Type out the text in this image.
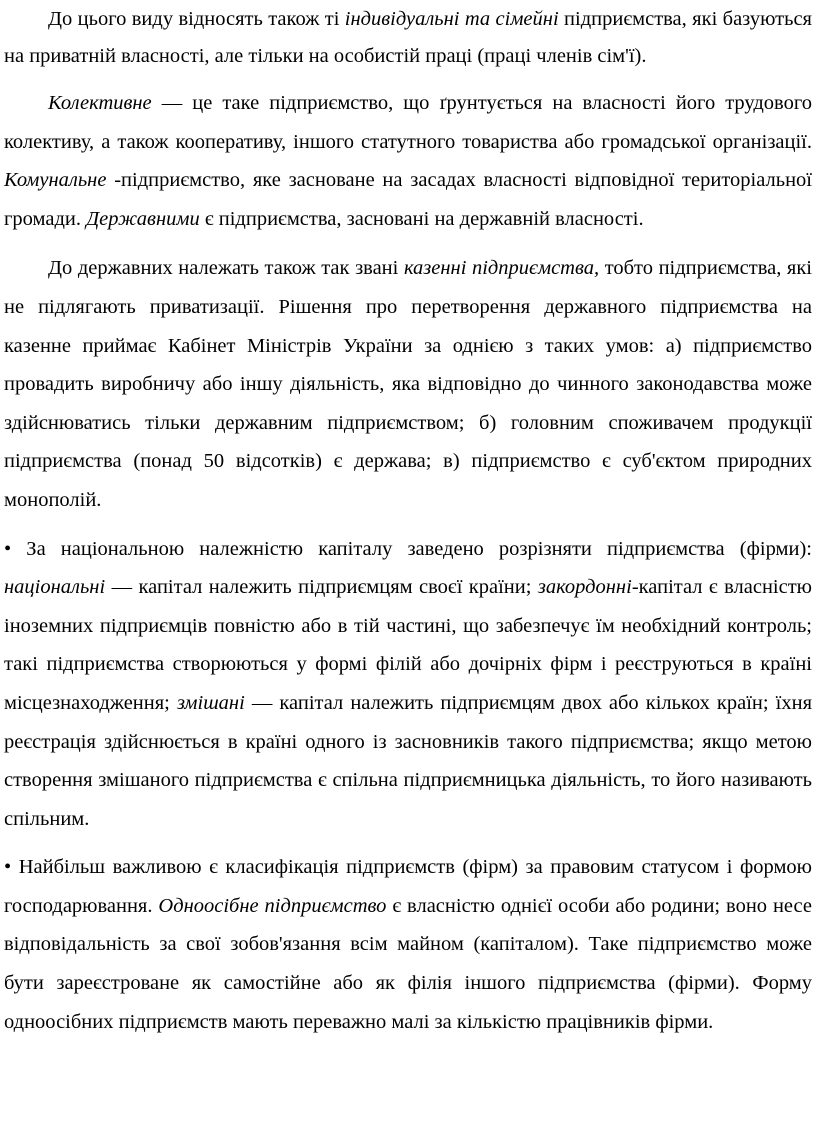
До цього виду відносять також ті індивідуальні та сімейні підприємства, які базуються на приватній власності, але тільки на особистій праці (праці членів сім'ї).

Колективне — це таке підприємство, що ґрунтується на власності його трудового колективу, а також кооперативу, іншого статутного товариства або громадської організації. Комунальне -підприємство, яке засноване на засадах власності відповідної територіальної громади. Державними є підприємства, засновані на державній власності.

До державних належать також так звані казенні підприємства, тобто підприємства, які не підлягають приватизації. Рішення про перетворення державного підприємства на казенне приймає Кабінет Міністрів України за однією з таких умов: а) підприємство провадить виробничу або іншу діяльність, яка відповідно до чинного законодавства може здійснюватись тільки державним підприємством; б) головним споживачем продукції підприємства (понад 50 відсотків) є держава; в) підприємство є суб'єктом природних монополій.

• За національною належністю капіталу заведено розрізняти підприємства (фірми): національні — капітал належить підприємцям своєї країни; закордонні-капітал є власністю іноземних підприємців повністю або в тій частині, що забезпечує їм необхідний контроль; такі підприємства створюються у формі філій або дочірніх фірм і реєструються в країні місцезнаходження; змішані — капітал належить підприємцям двох або кількох країн; їхня реєстрація здійснюється в країні одного із засновників такого підприємства; якщо метою створення змішаного підприємства є спільна підприємницька діяльність, то його називають спільним.

• Найбільш важливою є класифікація підприємств (фірм) за правовим статусом і формою господарювання. Одноосібне підприємство є власністю однієї особи або родини; воно несе відповідальність за свої зобов'язання всім майном (капіталом). Таке підприємство може бути зареєстроване як самостійне або як філія іншого підприємства (фірми). Форму одноосібних підприємств мають переважно малі за кількістю працівників фірми.
